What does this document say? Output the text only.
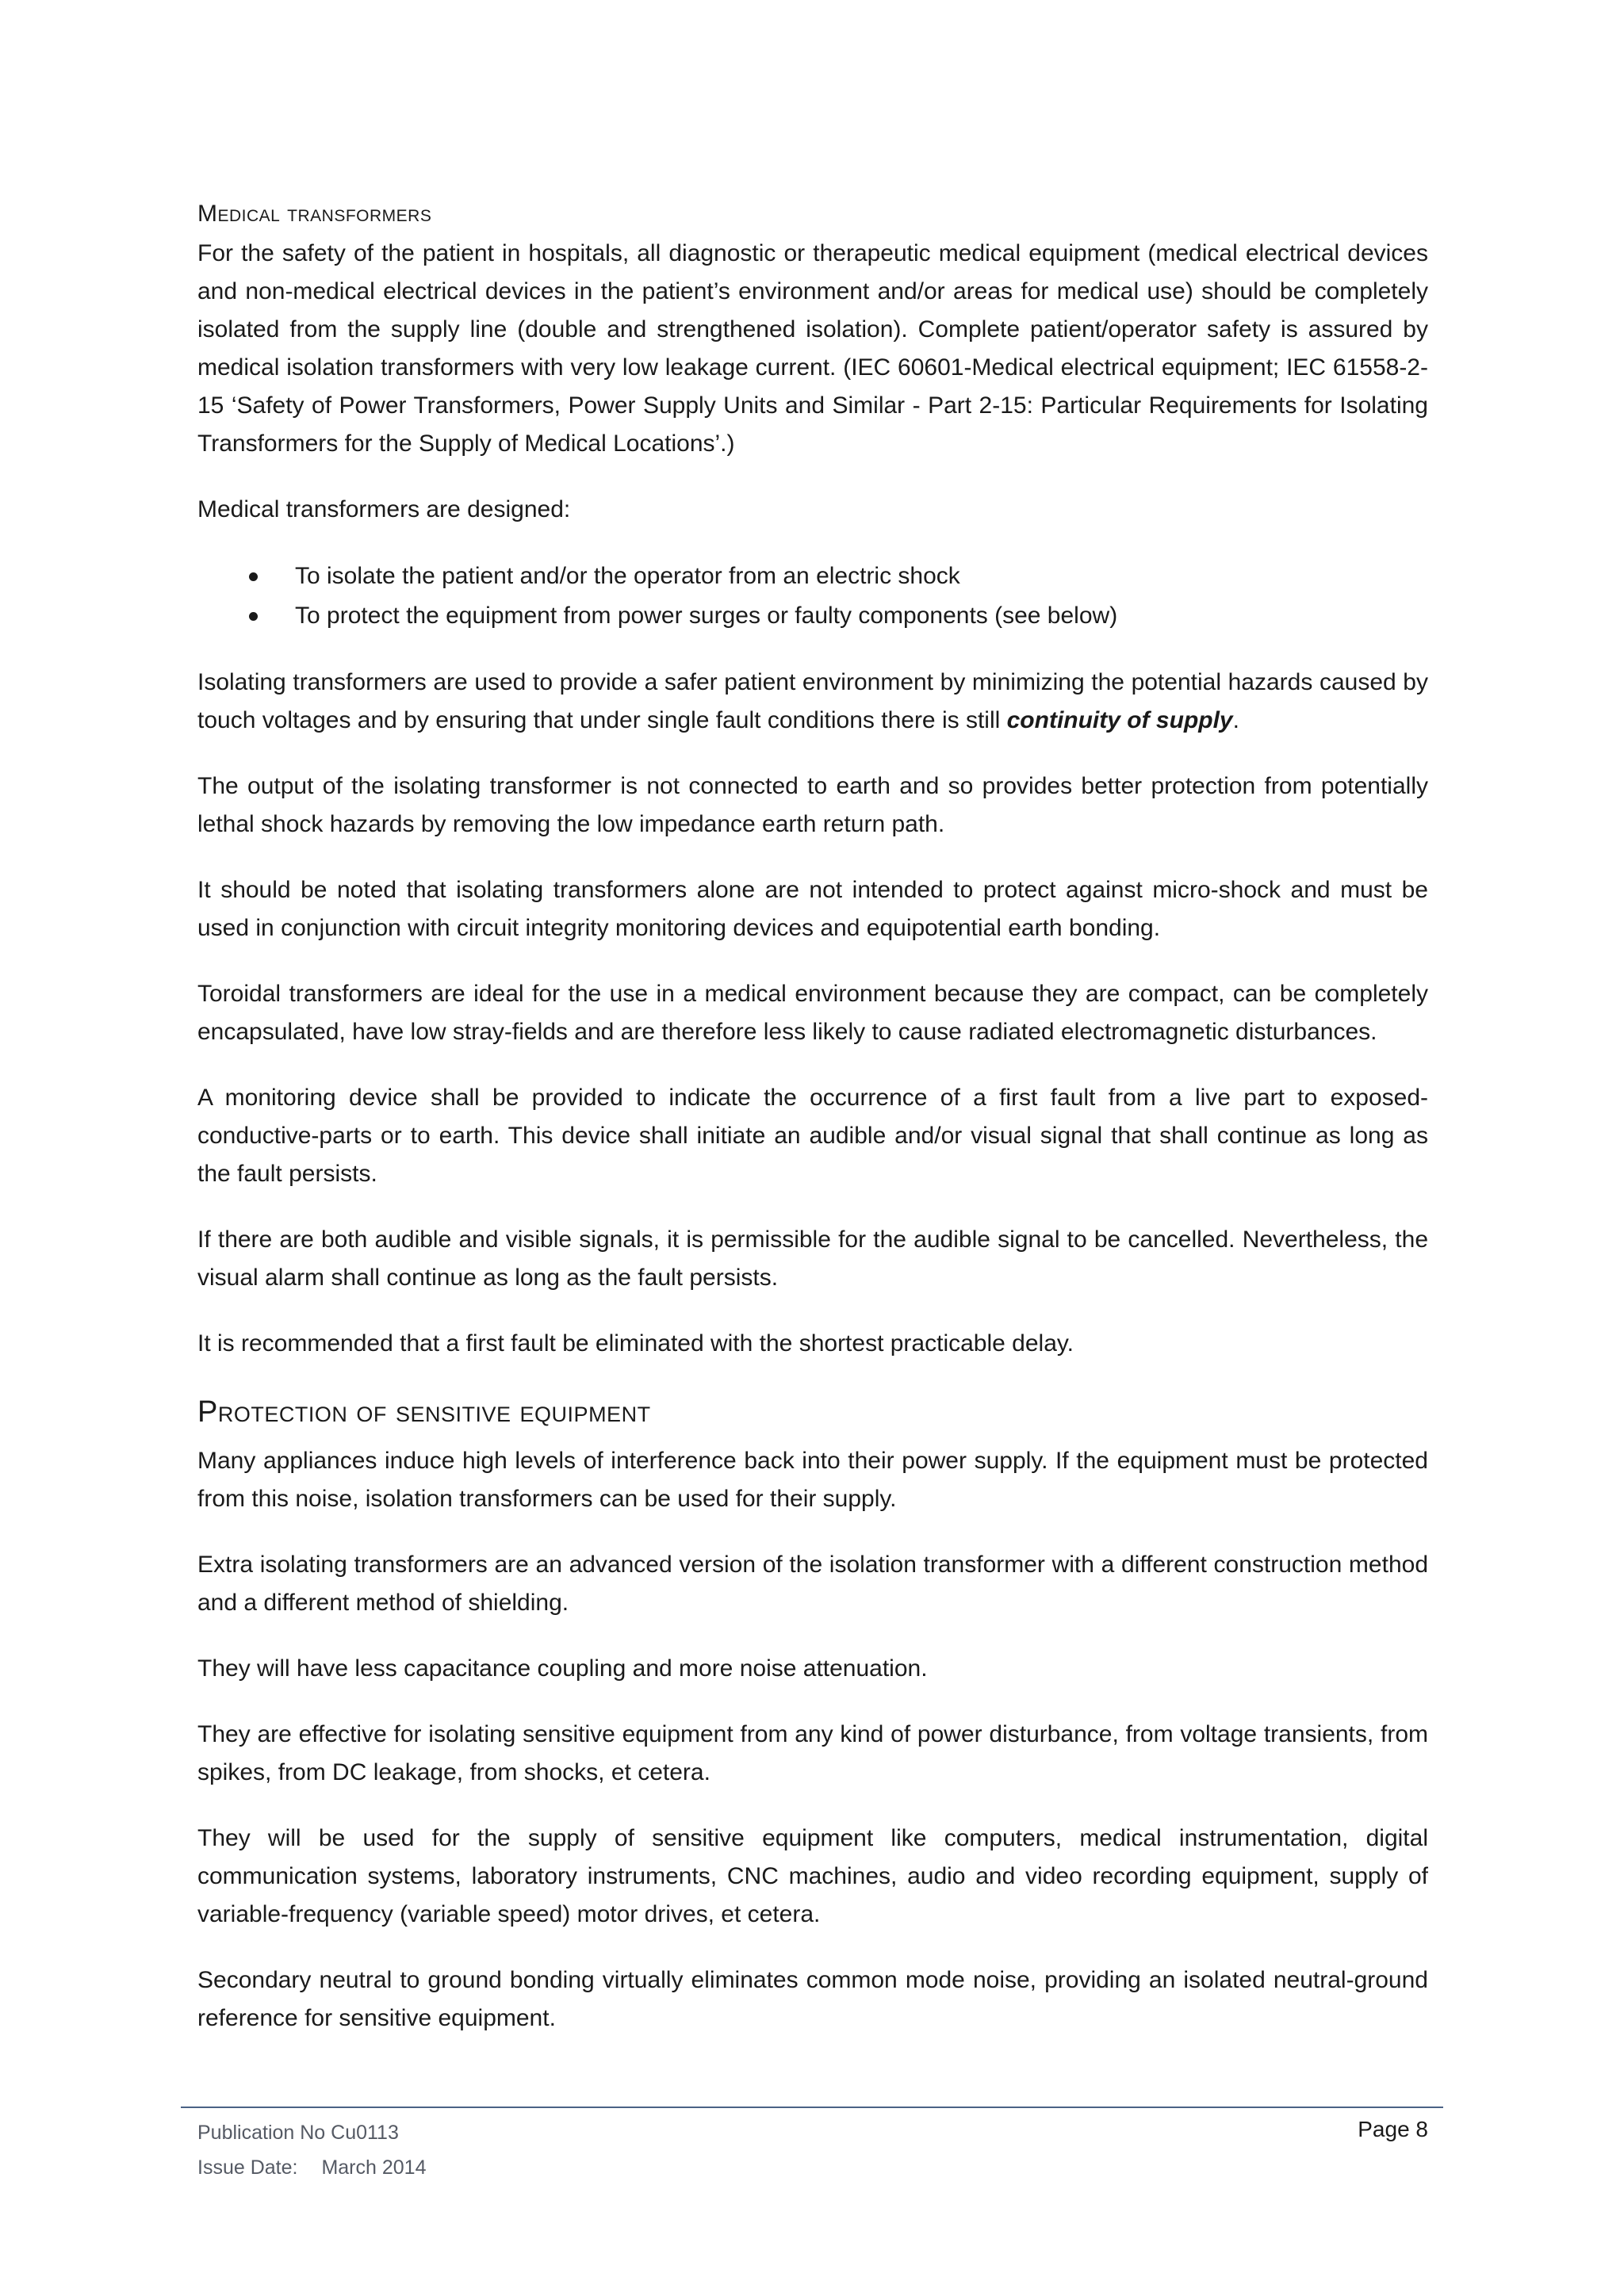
Medical transformers

For the safety of the patient in hospitals, all diagnostic or therapeutic medical equipment (medical electrical devices and non-medical electrical devices in the patient’s environment and/or areas for medical use) should be completely isolated from the supply line (double and strengthened isolation). Complete patient/operator safety is assured by medical isolation transformers with very low leakage current. (IEC 60601-Medical electrical equipment; IEC 61558-2-15 ‘Safety of Power Transformers, Power Supply Units and Similar - Part 2-15: Particular Requirements for Isolating Transformers for the Supply of Medical Locations’.)

Medical transformers are designed:

To isolate the patient and/or the operator from an electric shock
To protect the equipment from power surges or faulty components (see below)

Isolating transformers are used to provide a safer patient environment by minimizing the potential hazards caused by touch voltages and by ensuring that under single fault conditions there is still continuity of supply.

The output of the isolating transformer is not connected to earth and so provides better protection from potentially lethal shock hazards by removing the low impedance earth return path.

It should be noted that isolating transformers alone are not intended to protect against micro-shock and must be used in conjunction with circuit integrity monitoring devices and equipotential earth bonding.

Toroidal transformers are ideal for the use in a medical environment because they are compact, can be completely encapsulated, have low stray-fields and are therefore less likely to cause radiated electromagnetic disturbances.

A monitoring device shall be provided to indicate the occurrence of a first fault from a live part to exposed-conductive-parts or to earth. This device shall initiate an audible and/or visual signal that shall continue as long as the fault persists.

If there are both audible and visible signals, it is permissible for the audible signal to be cancelled. Nevertheless, the visual alarm shall continue as long as the fault persists.

It is recommended that a first fault be eliminated with the shortest practicable delay.

Protection of sensitive equipment

Many appliances induce high levels of interference back into their power supply. If the equipment must be protected from this noise, isolation transformers can be used for their supply.

Extra isolating transformers are an advanced version of the isolation transformer with a different construction method and a different method of shielding.

They will have less capacitance coupling and more noise attenuation.

They are effective for isolating sensitive equipment from any kind of power disturbance, from voltage transients, from spikes, from DC leakage, from shocks, et cetera.

They will be used for the supply of sensitive equipment like computers, medical instrumentation, digital communication systems, laboratory instruments, CNC machines, audio and video recording equipment, supply of variable-frequency (variable speed) motor drives, et cetera.

Secondary neutral to ground bonding virtually eliminates common mode noise, providing an isolated neutral-ground reference for sensitive equipment.

Publication No Cu0113
Issue Date: March 2014
Page 8
